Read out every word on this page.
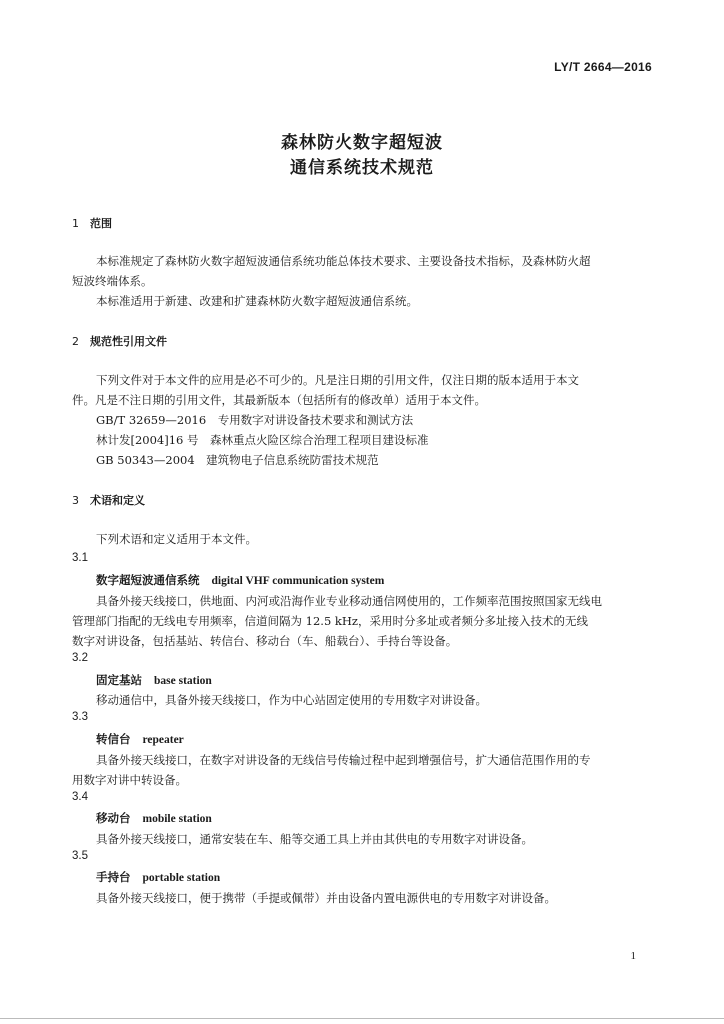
LY/T 2664—2016
森林防火数字超短波
通信系统技术规范
1 范围
本标准规定了森林防火数字超短波通信系统功能总体技术要求、主要设备技术指标，及森林防火超
短波终端体系。
本标准适用于新建、改建和扩建森林防火数字超短波通信系统。
2 规范性引用文件
下列文件对于本文件的应用是必不可少的。凡是注日期的引用文件，仅注日期的版本适用于本文
件。凡是不注日期的引用文件，其最新版本（包括所有的修改单）适用于本文件。
GB/T 32659—2016　专用数字对讲设备技术要求和测试方法
林计发[2004]16 号　森林重点火险区综合治理工程项目建设标准
GB 50343—2004　建筑物电子信息系统防雷技术规范
3 术语和定义
下列术语和定义适用于本文件。
3.1
数字超短波通信系统 digital VHF communication system
具备外接天线接口，供地面、内河或沿海作业专业移动通信网使用的，工作频率范围按照国家无线电
管理部门指配的无线电专用频率，信道间隔为 12.5 kHz，采用时分多址或者频分多址接入技术的无线
数字对讲设备，包括基站、转信台、移动台（车、船载台）、手持台等设备。
3.2
固定基站 base station
移动通信中，具备外接天线接口，作为中心站固定使用的专用数字对讲设备。
3.3
转信台 repeater
具备外接天线接口，在数字对讲设备的无线信号传输过程中起到增强信号，扩大通信范围作用的专
用数字对讲中转设备。
3.4
移动台 mobile station
具备外接天线接口，通常安装在车、船等交通工具上并由其供电的专用数字对讲设备。
3.5
手持台 portable station
具备外接天线接口，便于携带（手提或佩带）并由设备内置电源供电的专用数字对讲设备。
1
